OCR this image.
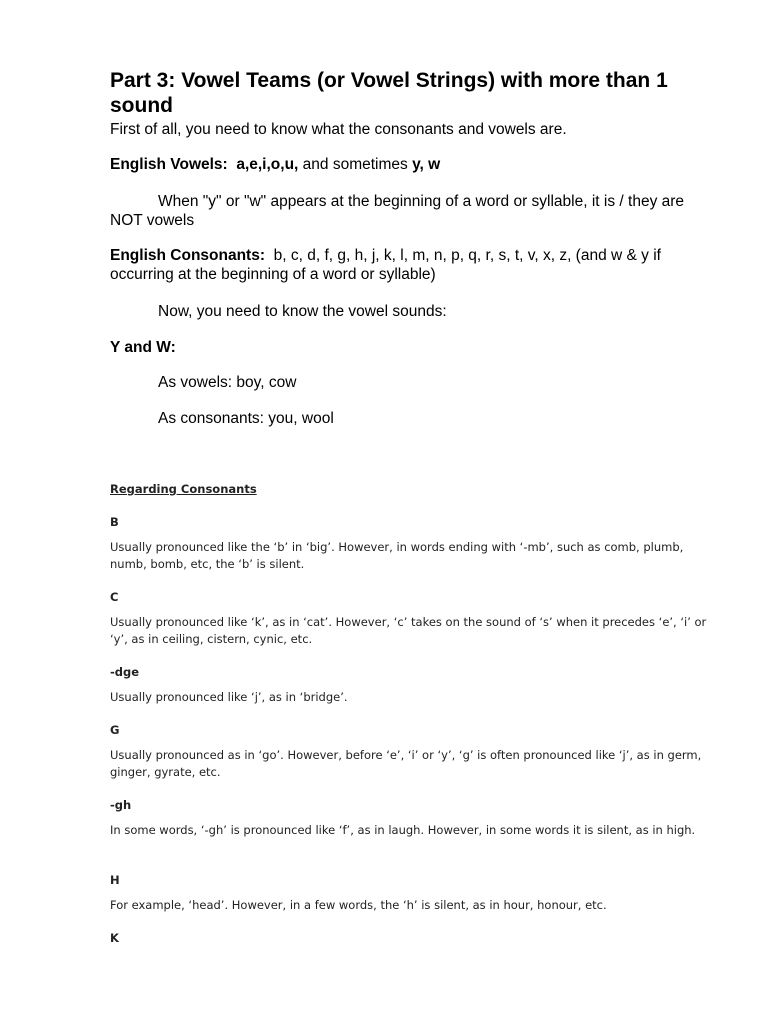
Part 3: Vowel Teams (or Vowel Strings) with more than 1 sound

First of all, you need to know what the consonants and vowels are.

English Vowels: a,e,i,o,u, and sometimes y, w

When "y" or "w" appears at the beginning of a word or syllable, it is / they are NOT vowels

English Consonants: b, c, d, f, g, h, j, k, l, m, n, p, q, r, s, t, v, x, z, (and w & y if occurring at the beginning of a word or syllable)

Now, you need to know the vowel sounds:

Y and W:

As vowels: boy, cow

As consonants: you, wool

Regarding Consonants

B

Usually pronounced like the ‘b’ in ‘big’. However, in words ending with ‘-mb’, such as comb, plumb, numb, bomb, etc, the ‘b’ is silent.

C

Usually pronounced like ‘k’, as in ‘cat’. However, ‘c’ takes on the sound of ‘s’ when it precedes ‘e’, ‘i’ or ‘y’, as in ceiling, cistern, cynic, etc.

-dge

Usually pronounced like ‘j’, as in ‘bridge’.

G

Usually pronounced as in ‘go’. However, before ‘e’, ‘i’ or ‘y’, ‘g’ is often pronounced like ‘j’, as in germ, ginger, gyrate, etc.

-gh

In some words, ‘-gh’ is pronounced like ‘f’, as in laugh. However, in some words it is silent, as in high.

H

For example, ‘head’. However, in a few words, the ‘h’ is silent, as in hour, honour, etc.

K
